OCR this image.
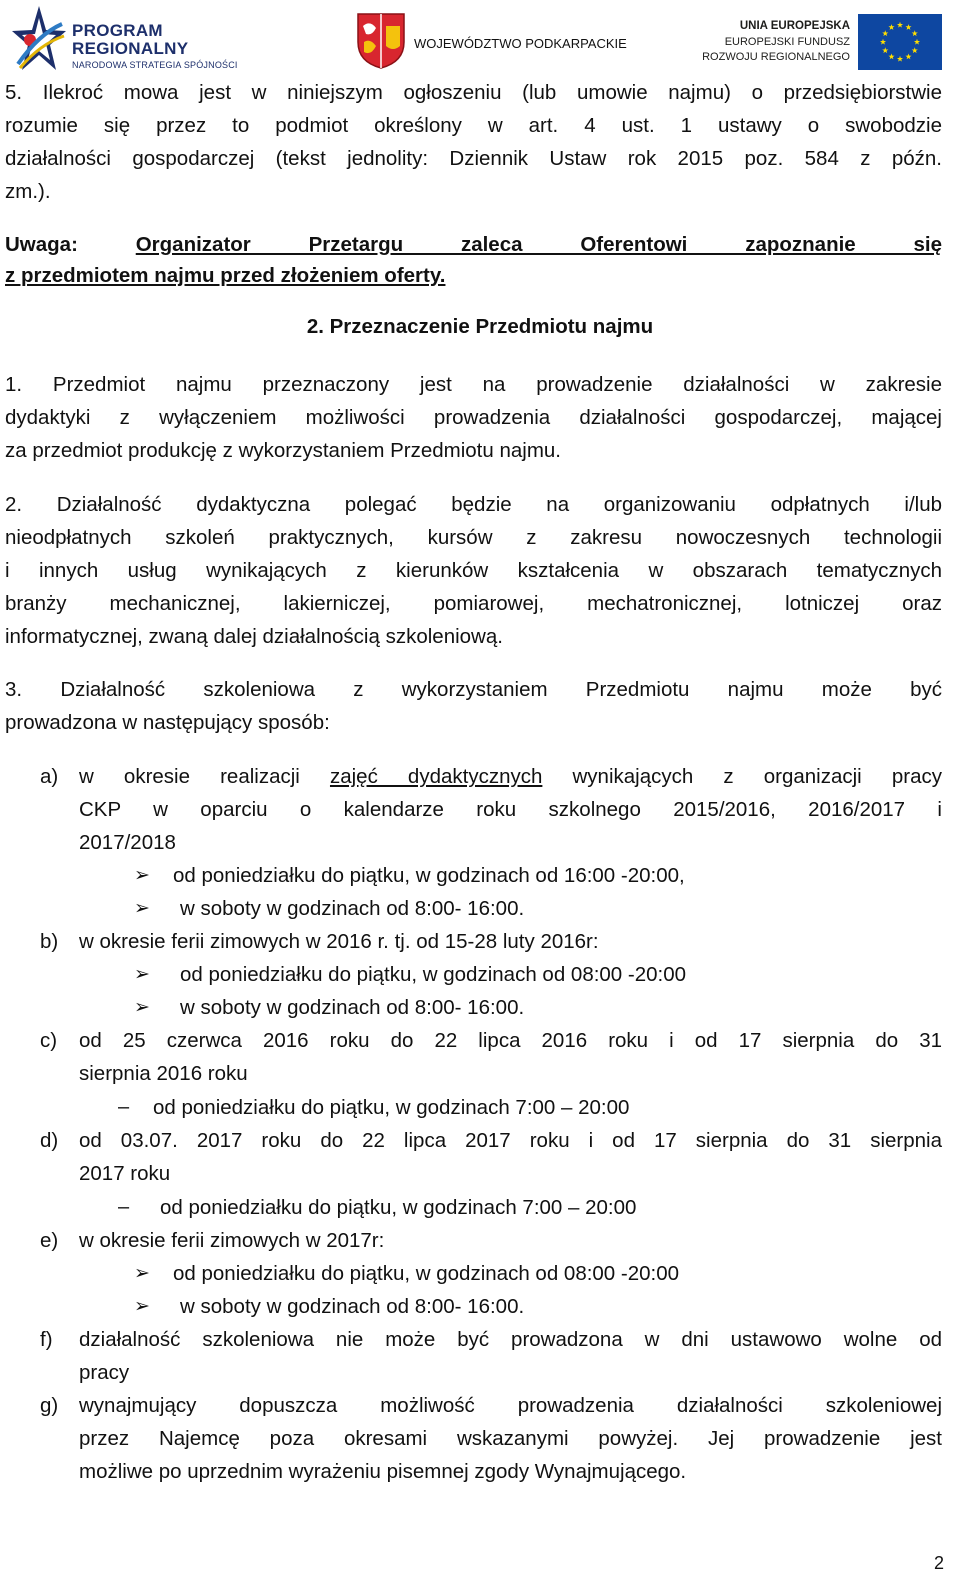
PROGRAM
REGIONALNY
NARODOWA STRATEGIA SPÓJNOŚCI
WOJEWÓDZTWO PODKARPACKIE
UNIA EUROPEJSKA
EUROPEJSKI FUNDUSZ
ROZWOJU REGIONALNEGO
5. Ilekroć mowa jest w niniejszym ogłoszeniu (lub umowie najmu) o przedsiębiorstwie
rozumie się przez to podmiot określony w art. 4 ust. 1 ustawy o swobodzie
działalności gospodarczej (tekst jednolity: Dziennik Ustaw rok 2015 poz. 584 z późn.
zm.).
Uwaga:	Organizator Przetargu zaleca Oferentowi zapoznanie się
z przedmiotem najmu przed złożeniem oferty.
2. Przeznaczenie Przedmiotu najmu
1. Przedmiot najmu przeznaczony jest na prowadzenie działalności w zakresie
dydaktyki z wyłączeniem możliwości prowadzenia działalności gospodarczej, mającej
za przedmiot produkcję z wykorzystaniem Przedmiotu najmu.
2. Działalność dydaktyczna polegać będzie na organizowaniu odpłatnych i/lub
nieodpłatnych szkoleń praktycznych, kursów z zakresu nowoczesnych technologii
i innych usług wynikających z kierunków kształcenia w obszarach tematycznych
branży mechanicznej, lakierniczej, pomiarowej, mechatronicznej, lotniczej oraz
informatycznej, zwaną dalej działalnością szkoleniową.
3. Działalność szkoleniowa z wykorzystaniem Przedmiotu najmu może być
prowadzona w następujący sposób:
a)	w okresie realizacji zajęć dydaktycznych wynikających z organizacji pracy
CKP w oparciu o kalendarze roku szkolnego 2015/2016, 2016/2017 i
2017/2018
➢ od poniedziałku do piątku, w godzinach od 16:00 -20:00,
➢ w soboty w godzinach od 8:00- 16:00.
b)	w okresie ferii zimowych w 2016 r. tj. od 15-28 luty 2016r:
➢ od poniedziałku do piątku, w godzinach od 08:00 -20:00
➢ w soboty w godzinach od 8:00- 16:00.
c)	od 25 czerwca 2016 roku do 22 lipca 2016 roku i od 17 sierpnia do 31
sierpnia 2016 roku
– od poniedziałku do piątku, w godzinach 7:00 – 20:00
d)	od 03.07. 2017 roku do 22 lipca 2017 roku i od 17 sierpnia do 31 sierpnia
2017 roku
– od poniedziałku do piątku, w godzinach 7:00 – 20:00
e)	w okresie ferii zimowych w 2017r:
➢ od poniedziałku do piątku, w godzinach od 08:00 -20:00
➢ w soboty w godzinach od 8:00- 16:00.
f)	działalność szkoleniowa nie może być prowadzona w dni ustawowo wolne od
pracy
g)	wynajmujący dopuszcza możliwość prowadzenia działalności szkoleniowej
przez Najemcę poza okresami wskazanymi powyżej. Jej prowadzenie jest
możliwe po uprzednim wyrażeniu pisemnej zgody Wynajmującego.
2
